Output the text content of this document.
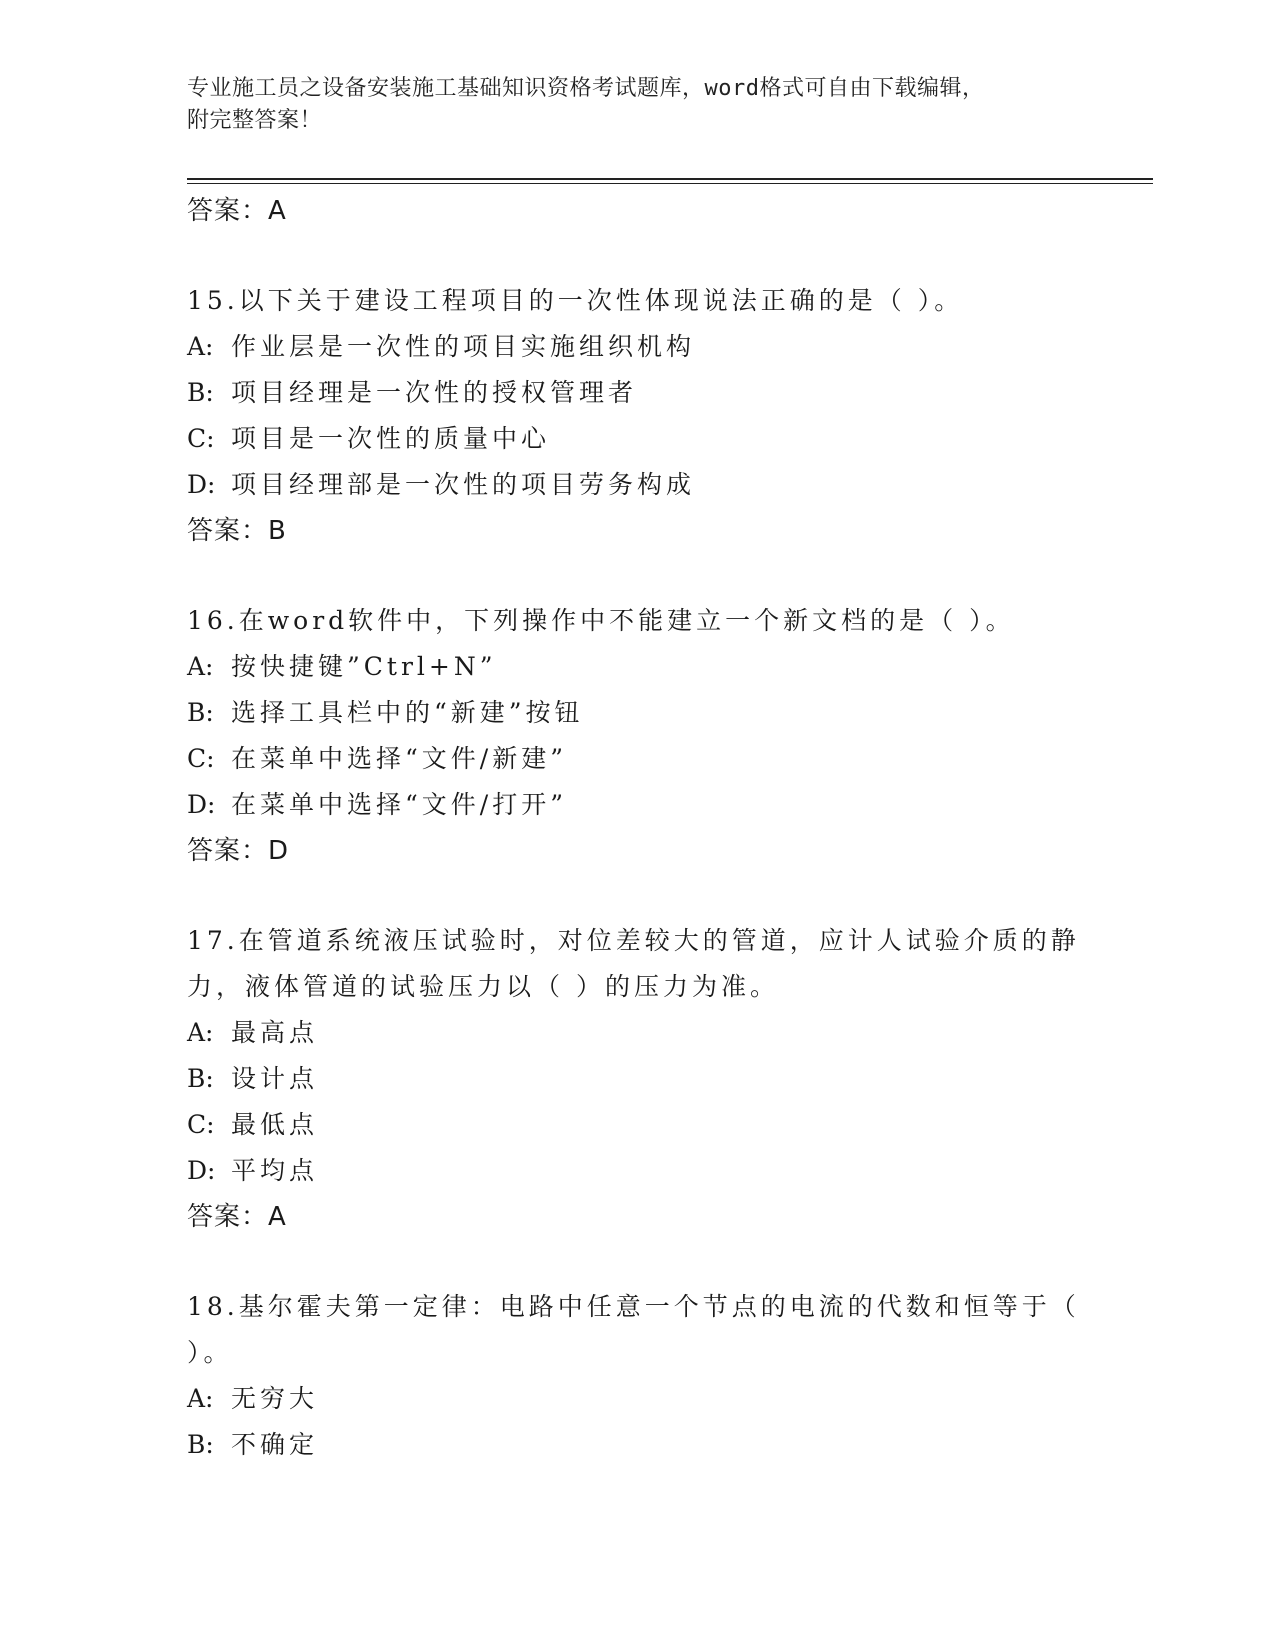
专业施工员之设备安装施工基础知识资格考试题库，word格式可自由下载编辑，
附完整答案！
答案：A
15.以下关于建设工程项目的一次性体现说法正确的是（ ）。
A: 作业层是一次性的项目实施组织机构
B: 项目经理是一次性的授权管理者
C: 项目是一次性的质量中心
D: 项目经理部是一次性的项目劳务构成
答案：B
16.在word软件中，下列操作中不能建立一个新文档的是（ ）。
A: 按快捷键”Ctrl+N”
B: 选择工具栏中的“新建”按钮
C: 在菜单中选择“文件/新建”
D: 在菜单中选择“文件/打开”
答案：D
17.在管道系统液压试验时，对位差较大的管道，应计人试验介质的静力，液体管道的试验压力以（ ）的压力为准。
A: 最高点
B: 设计点
C: 最低点
D: 平均点
答案：A
18.基尔霍夫第一定律：电路中任意一个节点的电流的代数和恒等于（ ）。
A: 无穷大
B: 不确定
